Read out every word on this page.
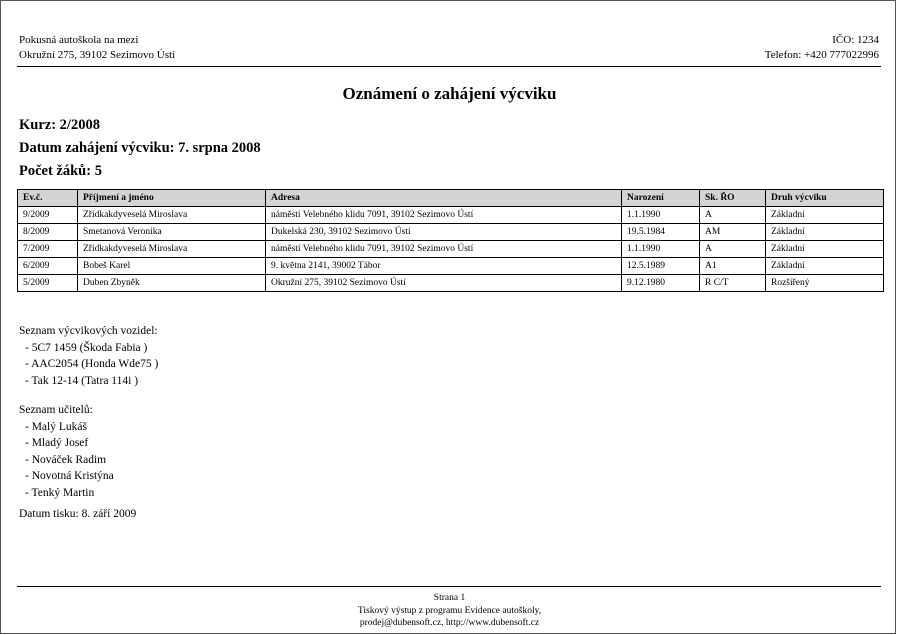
Pokusná autoškola na mezi
Okružní 275, 39102 Sezimovo Ústí
IČO: 1234
Telefon: +420 777022996
Oznámení o zahájení výcviku
Kurz: 2/2008
Datum zahájení výcviku: 7. srpna 2008
Počet žáků: 5
Ev.č.	Příjmení a jméno	Adresa	Narození	Sk. ŘO	Druh výcviku
9/2009	Zřídkakdyveselá Miroslava	náměstí Velebného klidu 7091, 39102 Sezimovo Ústí	1.1.1990	A	Základní
8/2009	Smetanová Veronika	Dukelská 230, 39102 Sezimovo Ústí	19.5.1984	AM	Základní
7/2009	Zřídkakdyveselá Miroslava	náměstí Velebného klidu 7091, 39102 Sezimovo Ústí	1.1.1990	A	Základní
6/2009	Bobeš Karel	9. května 2141, 39002 Tábor	12.5.1989	A1	Základní
5/2009	Duben Zbyněk	Okružní 275, 39102 Sezimovo Ústí	9.12.1980	R C/T	Rozšířený
Seznam výcvikových vozidel:
- 5C7 1459 (Škoda Fabia )
- AAC2054 (Honda Wde75 )
- Tak 12-14 (Tatra 114i )
Seznam učitelů:
- Malý Lukáš
- Mladý Josef
- Nováček Radim
- Novotná Kristýna
- Tenký Martin
Datum tisku: 8. září 2009
Strana 1
Tiskový výstup z programu Evidence autoškoly,
prodej@dubensoft.cz, http://www.dubensoft.cz
